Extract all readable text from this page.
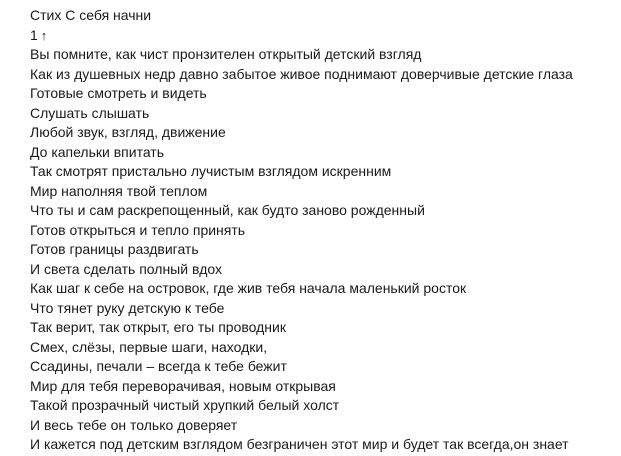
Стих С себя начни
1 ↑
Вы помните, как чист пронзителен открытый детский взгляд
Как из душевных недр давно забытое живое поднимают доверчивые детские глаза
Готовые смотреть и видеть
Слушать слышать
Любой звук, взгляд, движение
До капельки впитать
Так смотрят пристально лучистым взглядом искренним
Мир наполняя твой теплом
Что ты и сам раскрепощенный, как будто заново рожденный
Готов открыться и тепло принять
Готов границы раздвигать
И света сделать полный вдох
Как шаг к себе на островок, где жив тебя начала маленький росток
Что тянет руку детскую к тебе
Так верит, так открыт, его ты проводник
Смех, слёзы, первые шаги, находки,
Ссадины, печали – всегда к тебе бежит
Мир для тебя переворачивая, новым открывая
Такой прозрачный чистый хрупкий белый холст
И весь тебе он только доверяет
И кажется под детским взглядом безграничен этот мир и будет так всегда,он знает
